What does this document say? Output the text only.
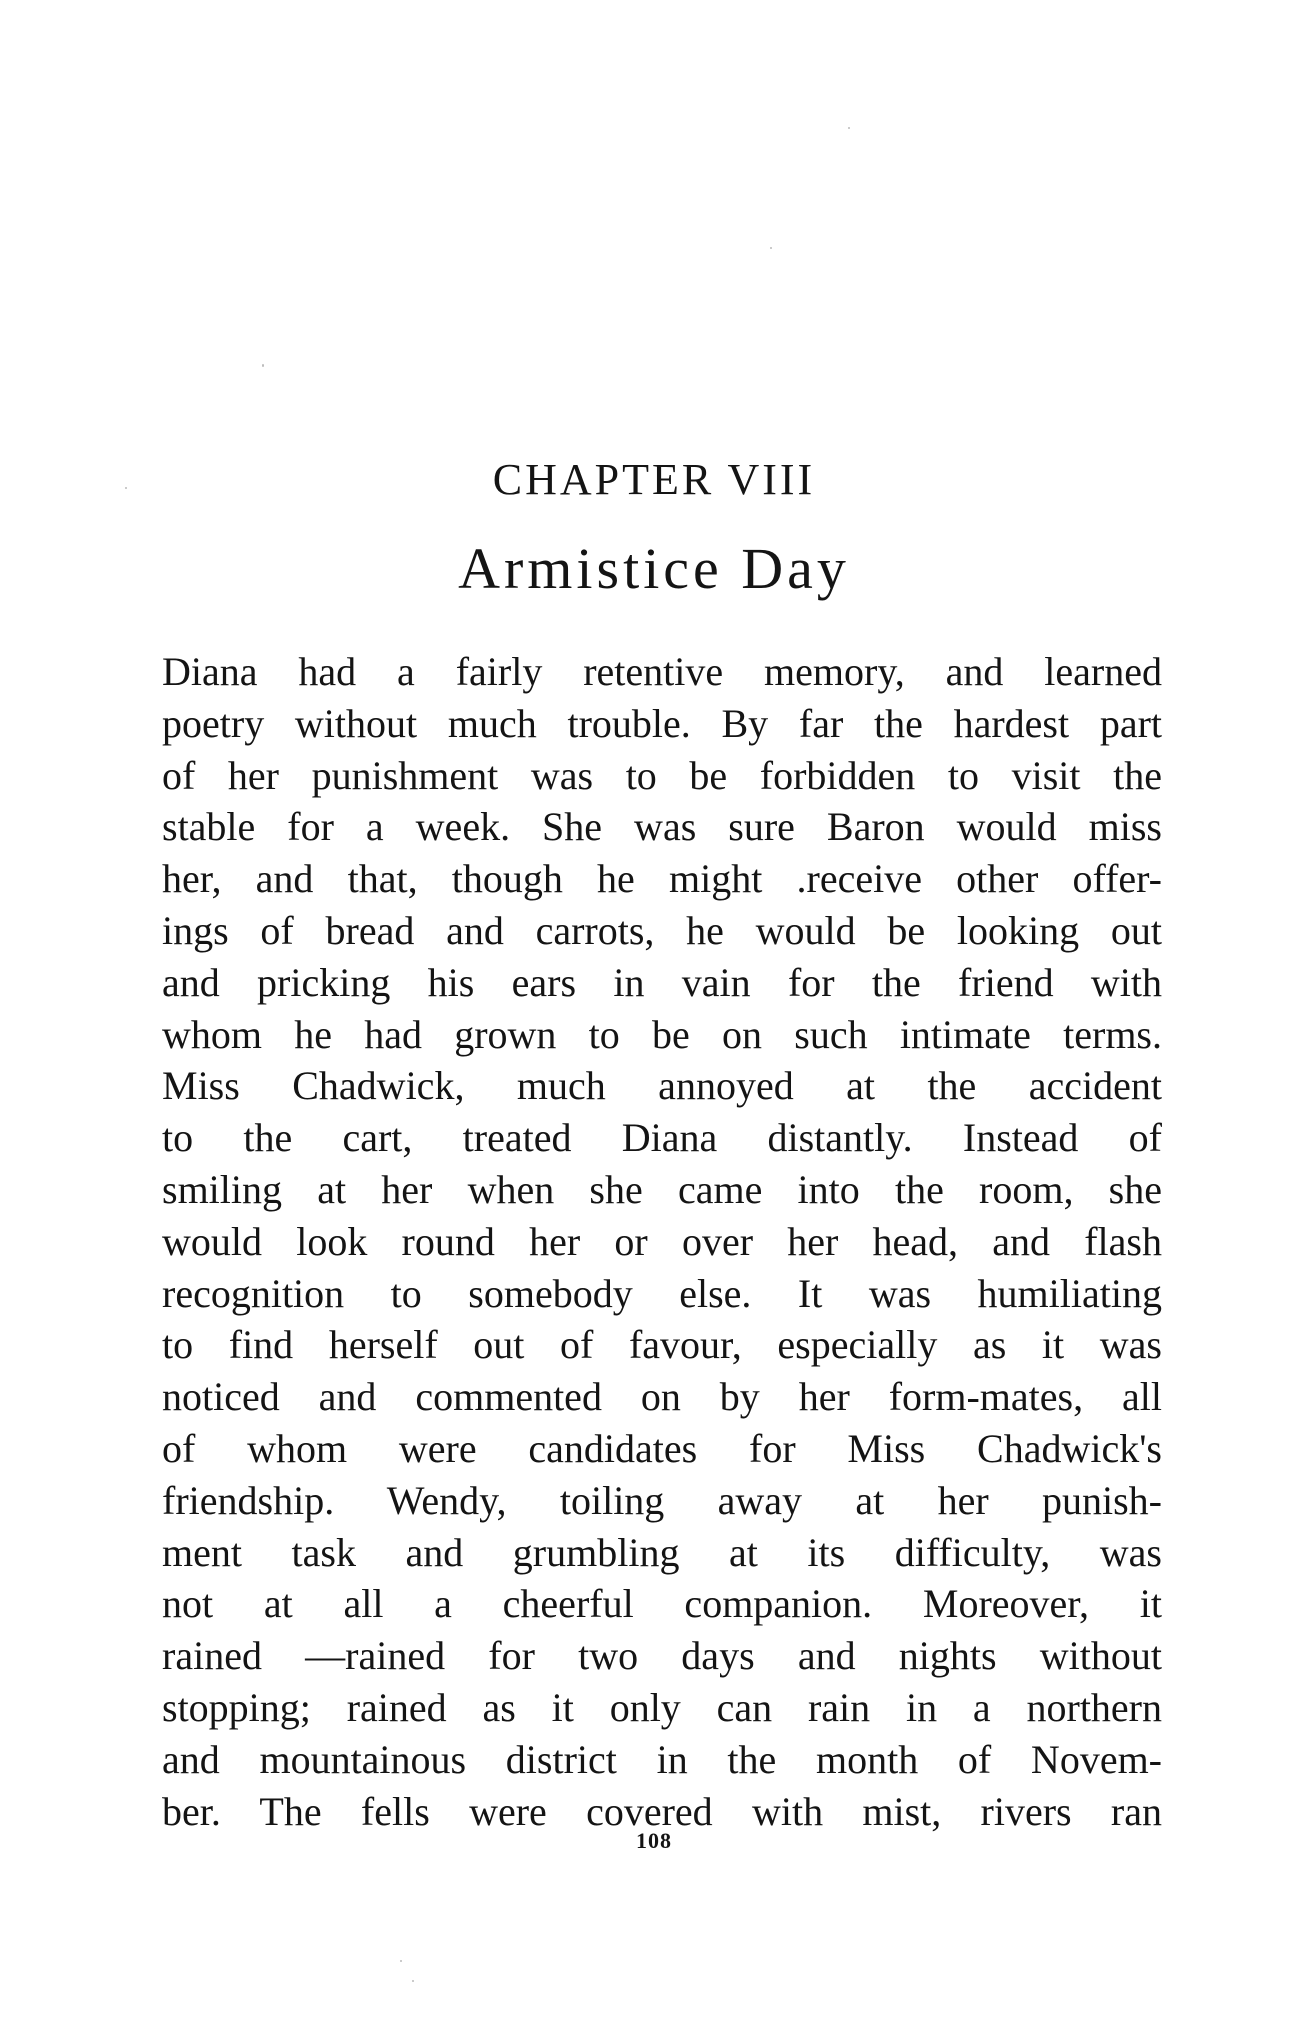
CHAPTER VIII
Armistice Day
Diana had a fairly retentive memory, and learned
poetry without much trouble. By far the hardest part
of her punishment was to be forbidden to visit the
stable for a week. She was sure Baron would miss
her, and that, though he might .receive other offer-
ings of bread and carrots, he would be looking out
and pricking his ears in vain for the friend with
whom he had grown to be on such intimate terms.
Miss Chadwick, much annoyed at the accident
to the cart, treated Diana distantly. Instead of
smiling at her when she came into the room, she
would look round her or over her head, and flash
recognition to somebody else. It was humiliating
to find herself out of favour, especially as it was
noticed and commented on by her form-mates, all
of whom were candidates for Miss Chadwick's
friendship. Wendy, toiling away at her punish-
ment task and grumbling at its difficulty, was
not at all a cheerful companion. Moreover, it
rained —rained for two days and nights without
stopping; rained as it only can rain in a northern
and mountainous district in the month of Novem-
ber. The fells were covered with mist, rivers ran
108
